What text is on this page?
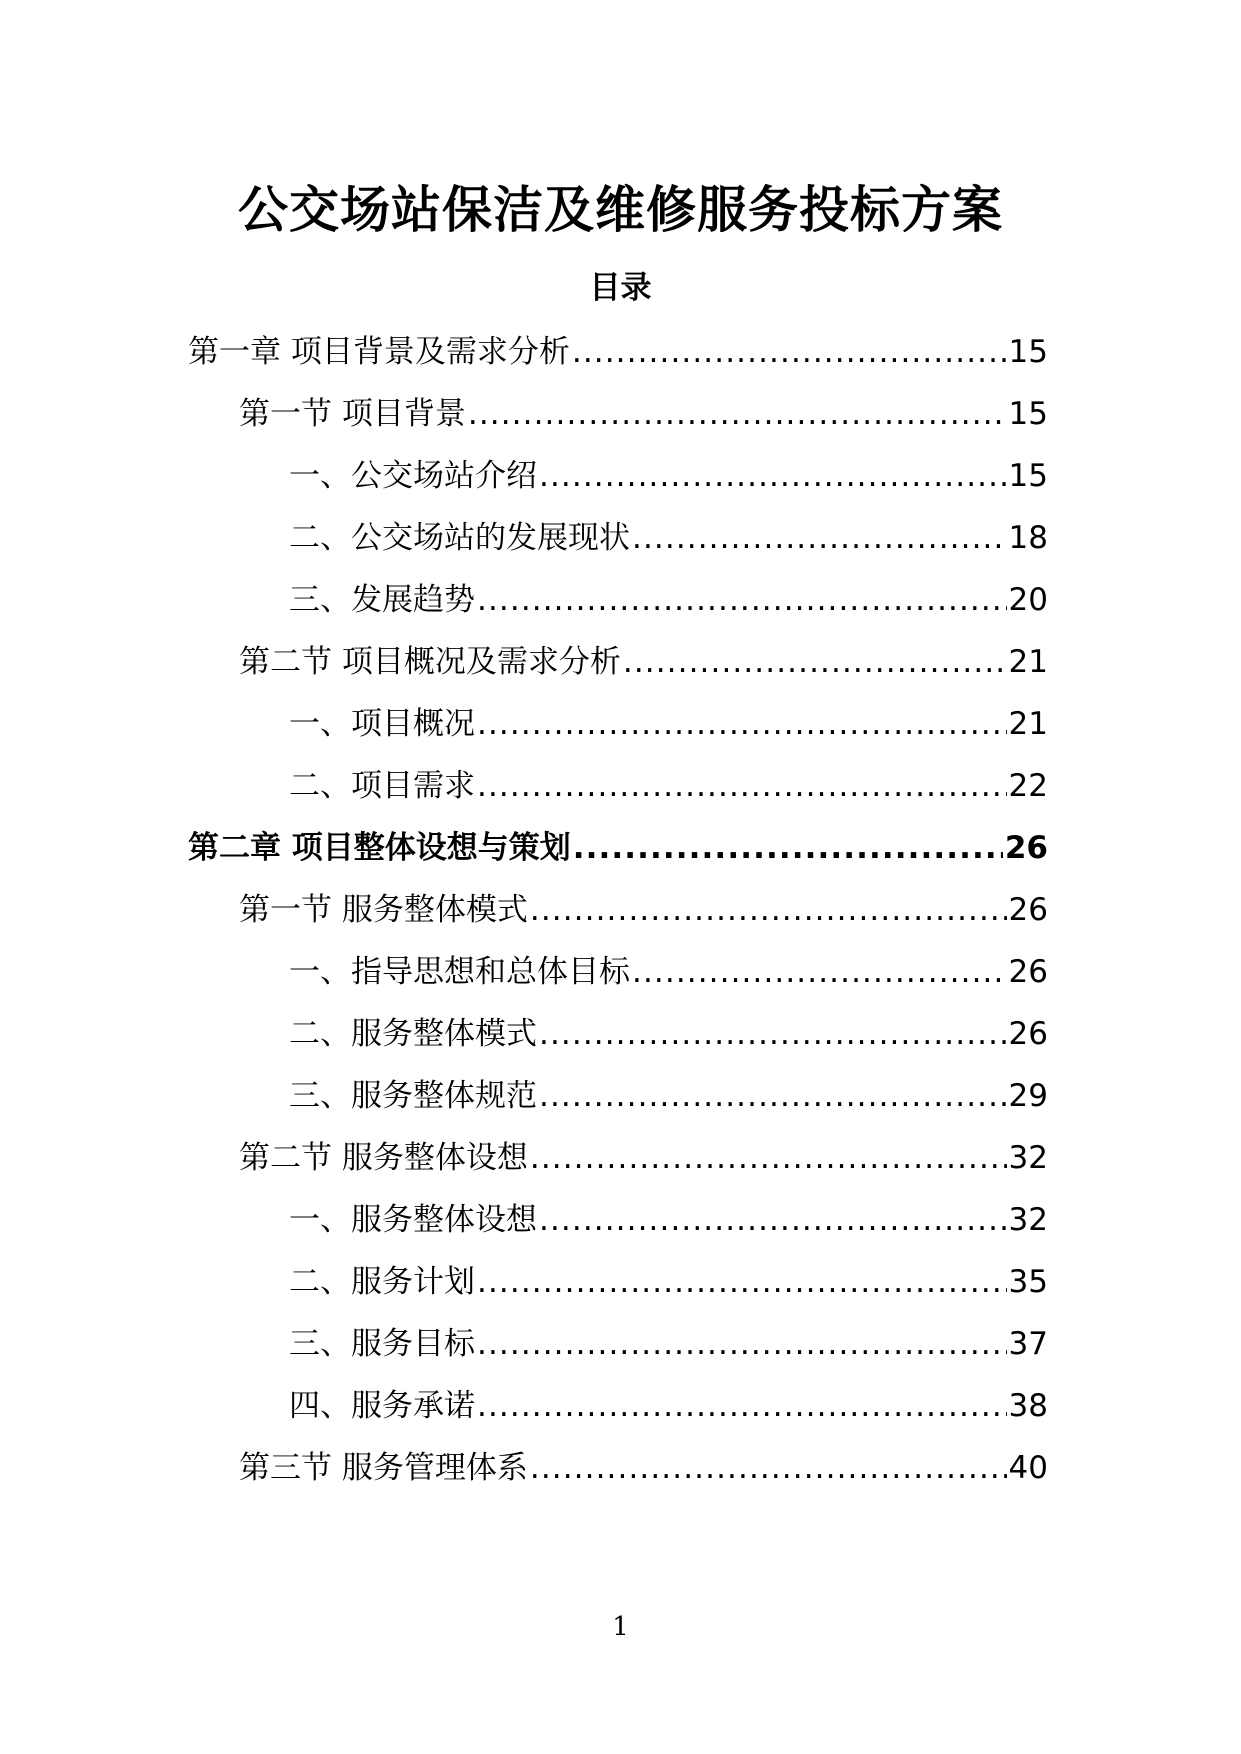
公交场站保洁及维修服务投标方案
目录
第一章 项目背景及需求分析 .....	15
第一节 项目背景 .....	15
一、公交场站介绍 .....	15
二、公交场站的发展现状 .....	18
三、发展趋势 .....	20
第二节 项目概况及需求分析 .....	21
一、项目概况 .....	21
二、项目需求 .....	22
第二章 项目整体设想与策划 .....	26
第一节 服务整体模式 .....	26
一、指导思想和总体目标 .....	26
二、服务整体模式 .....	26
三、服务整体规范 .....	29
第二节 服务整体设想 .....	32
一、服务整体设想 .....	32
二、服务计划 .....	35
三、服务目标 .....	37
四、服务承诺 .....	38
第三节 服务管理体系 .....	40
1
